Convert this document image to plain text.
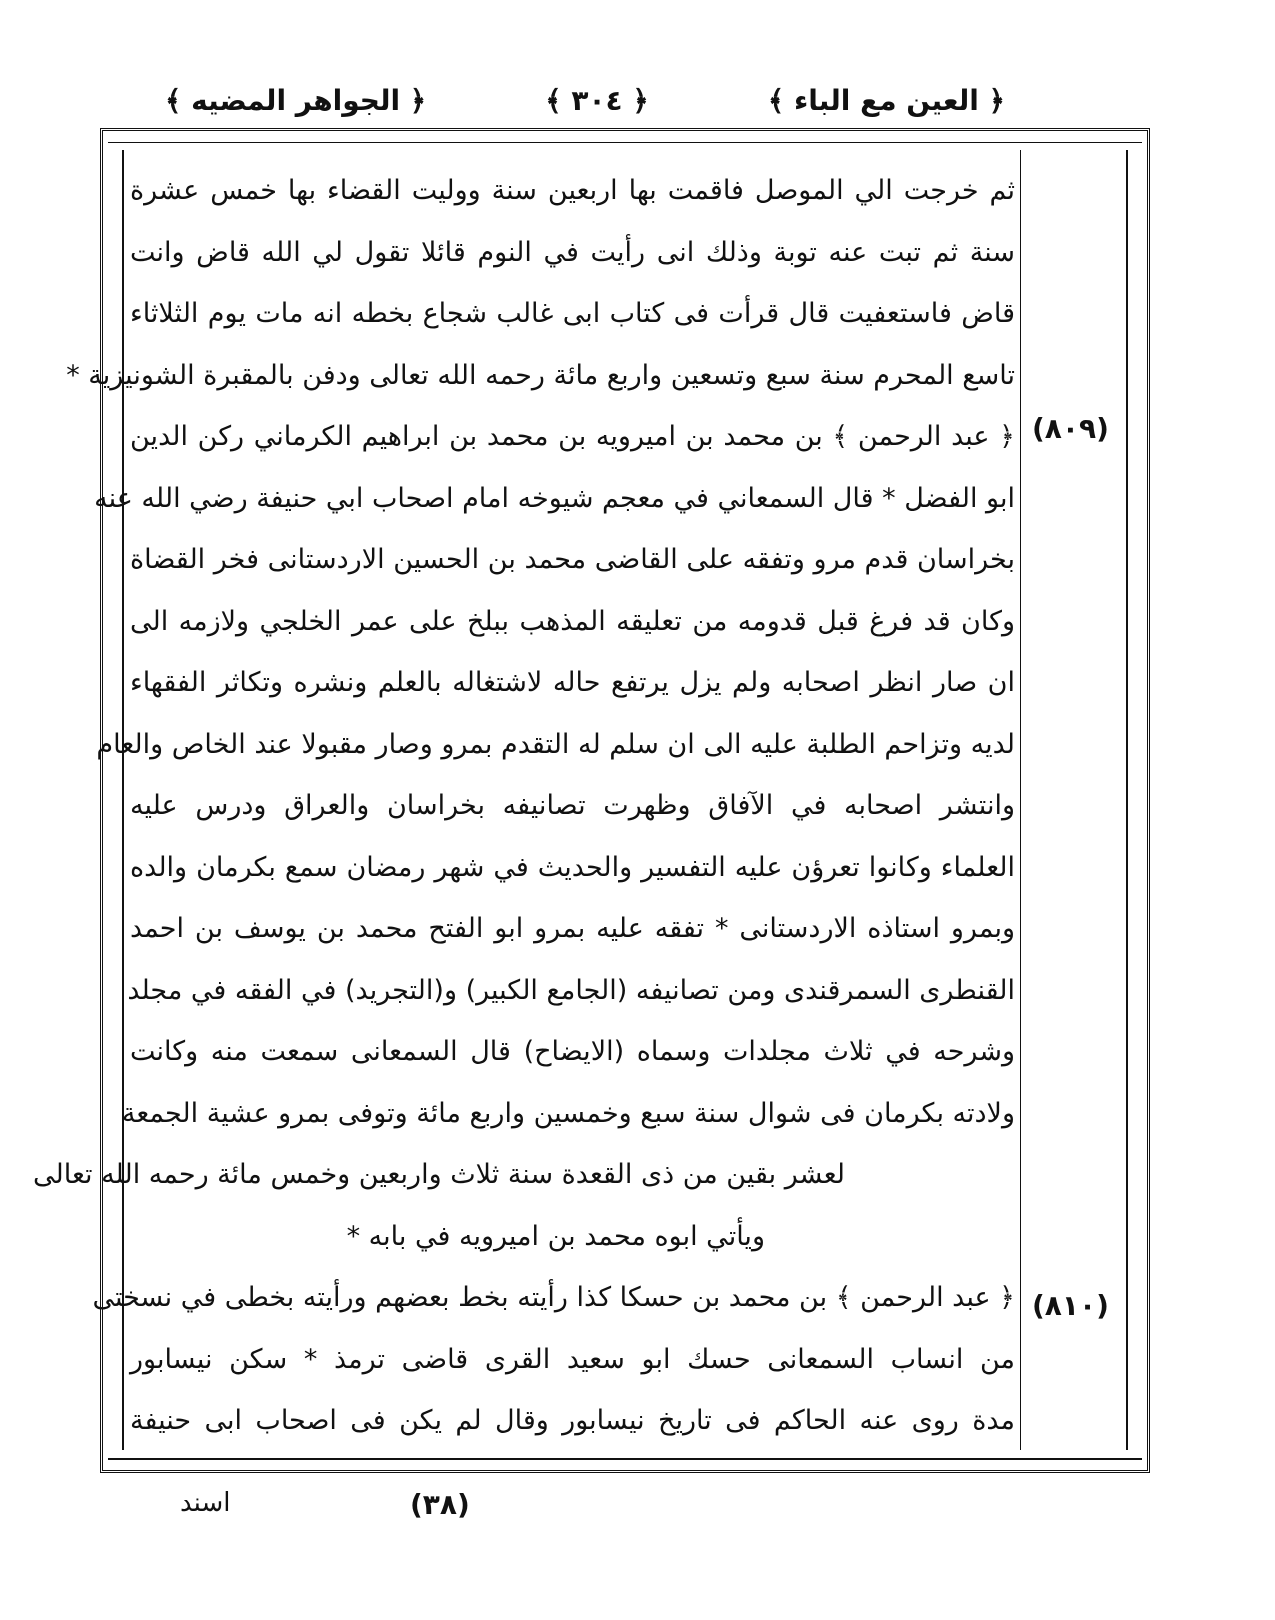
﴿ الجواهر المضيه ﴾	﴿ ٣٠٤ ﴾	﴿ العين مع الباء ﴾
ثم خرجت الي الموصل فاقمت بها اربعين سنة ووليت القضاء بها خمس عشرة
سنة ثم تبت عنه توبة وذلك انى رأيت في النوم قائلا تقول لي الله قاض وانت
قاض فاستعفيت قال قرأت فى كتاب ابى غالب شجاع بخطه انه مات يوم الثلاثاء
تاسع المحرم سنة سبع وتسعين واربع مائة رحمه الله تعالى ودفن بالمقبرة الشونيزية *
﴿ عبد الرحمن ﴾ بن محمد بن اميرويه بن محمد بن ابراهيم الكرماني ركن الدين
ابو الفضل * قال السمعاني في معجم شيوخه امام اصحاب ابي حنيفة رضي الله عنه
بخراسان قدم مرو وتفقه على القاضى محمد بن الحسين الاردستانى فخر القضاة
وكان قد فرغ قبل قدومه من تعليقه المذهب ببلخ على عمر الخلجي ولازمه الى
ان صار انظر اصحابه ولم يزل يرتفع حاله لاشتغاله بالعلم ونشره وتكاثر الفقهاء
لديه وتزاحم الطلبة عليه الى ان سلم له التقدم بمرو وصار مقبولا عند الخاص والعام
وانتشر اصحابه في الآفاق وظهرت تصانيفه بخراسان والعراق ودرس عليه
العلماء وكانوا تعرؤن عليه التفسير والحديث في شهر رمضان سمع بكرمان والده
وبمرو استاذه الاردستانى * تفقه عليه بمرو ابو الفتح محمد بن يوسف بن احمد
القنطرى السمرقندى ومن تصانيفه (الجامع الكبير) و(التجريد) في الفقه في مجلد
وشرحه في ثلاث مجلدات وسماه (الايضاح) قال السمعانى سمعت منه وكانت
ولادته بكرمان فى شوال سنة سبع وخمسين واربع مائة وتوفى بمرو عشية الجمعة
لعشر بقين من ذى القعدة سنة ثلاث واربعين وخمس مائة رحمه الله تعالى
ويأتي ابوه محمد بن اميرويه في بابه *
﴿ عبد الرحمن ﴾ بن محمد بن حسكا كذا رأيته بخط بعضهم ورأيته بخطى في نسختى
من انساب السمعانى حسك ابو سعيد القرى قاضى ترمذ * سكن نيسابور
مدة روى عنه الحاكم فى تاريخ نيسابور وقال لم يكن فى اصحاب ابى حنيفة
(٨٠٩)
(٨١٠)
(٣٨)
اسند
